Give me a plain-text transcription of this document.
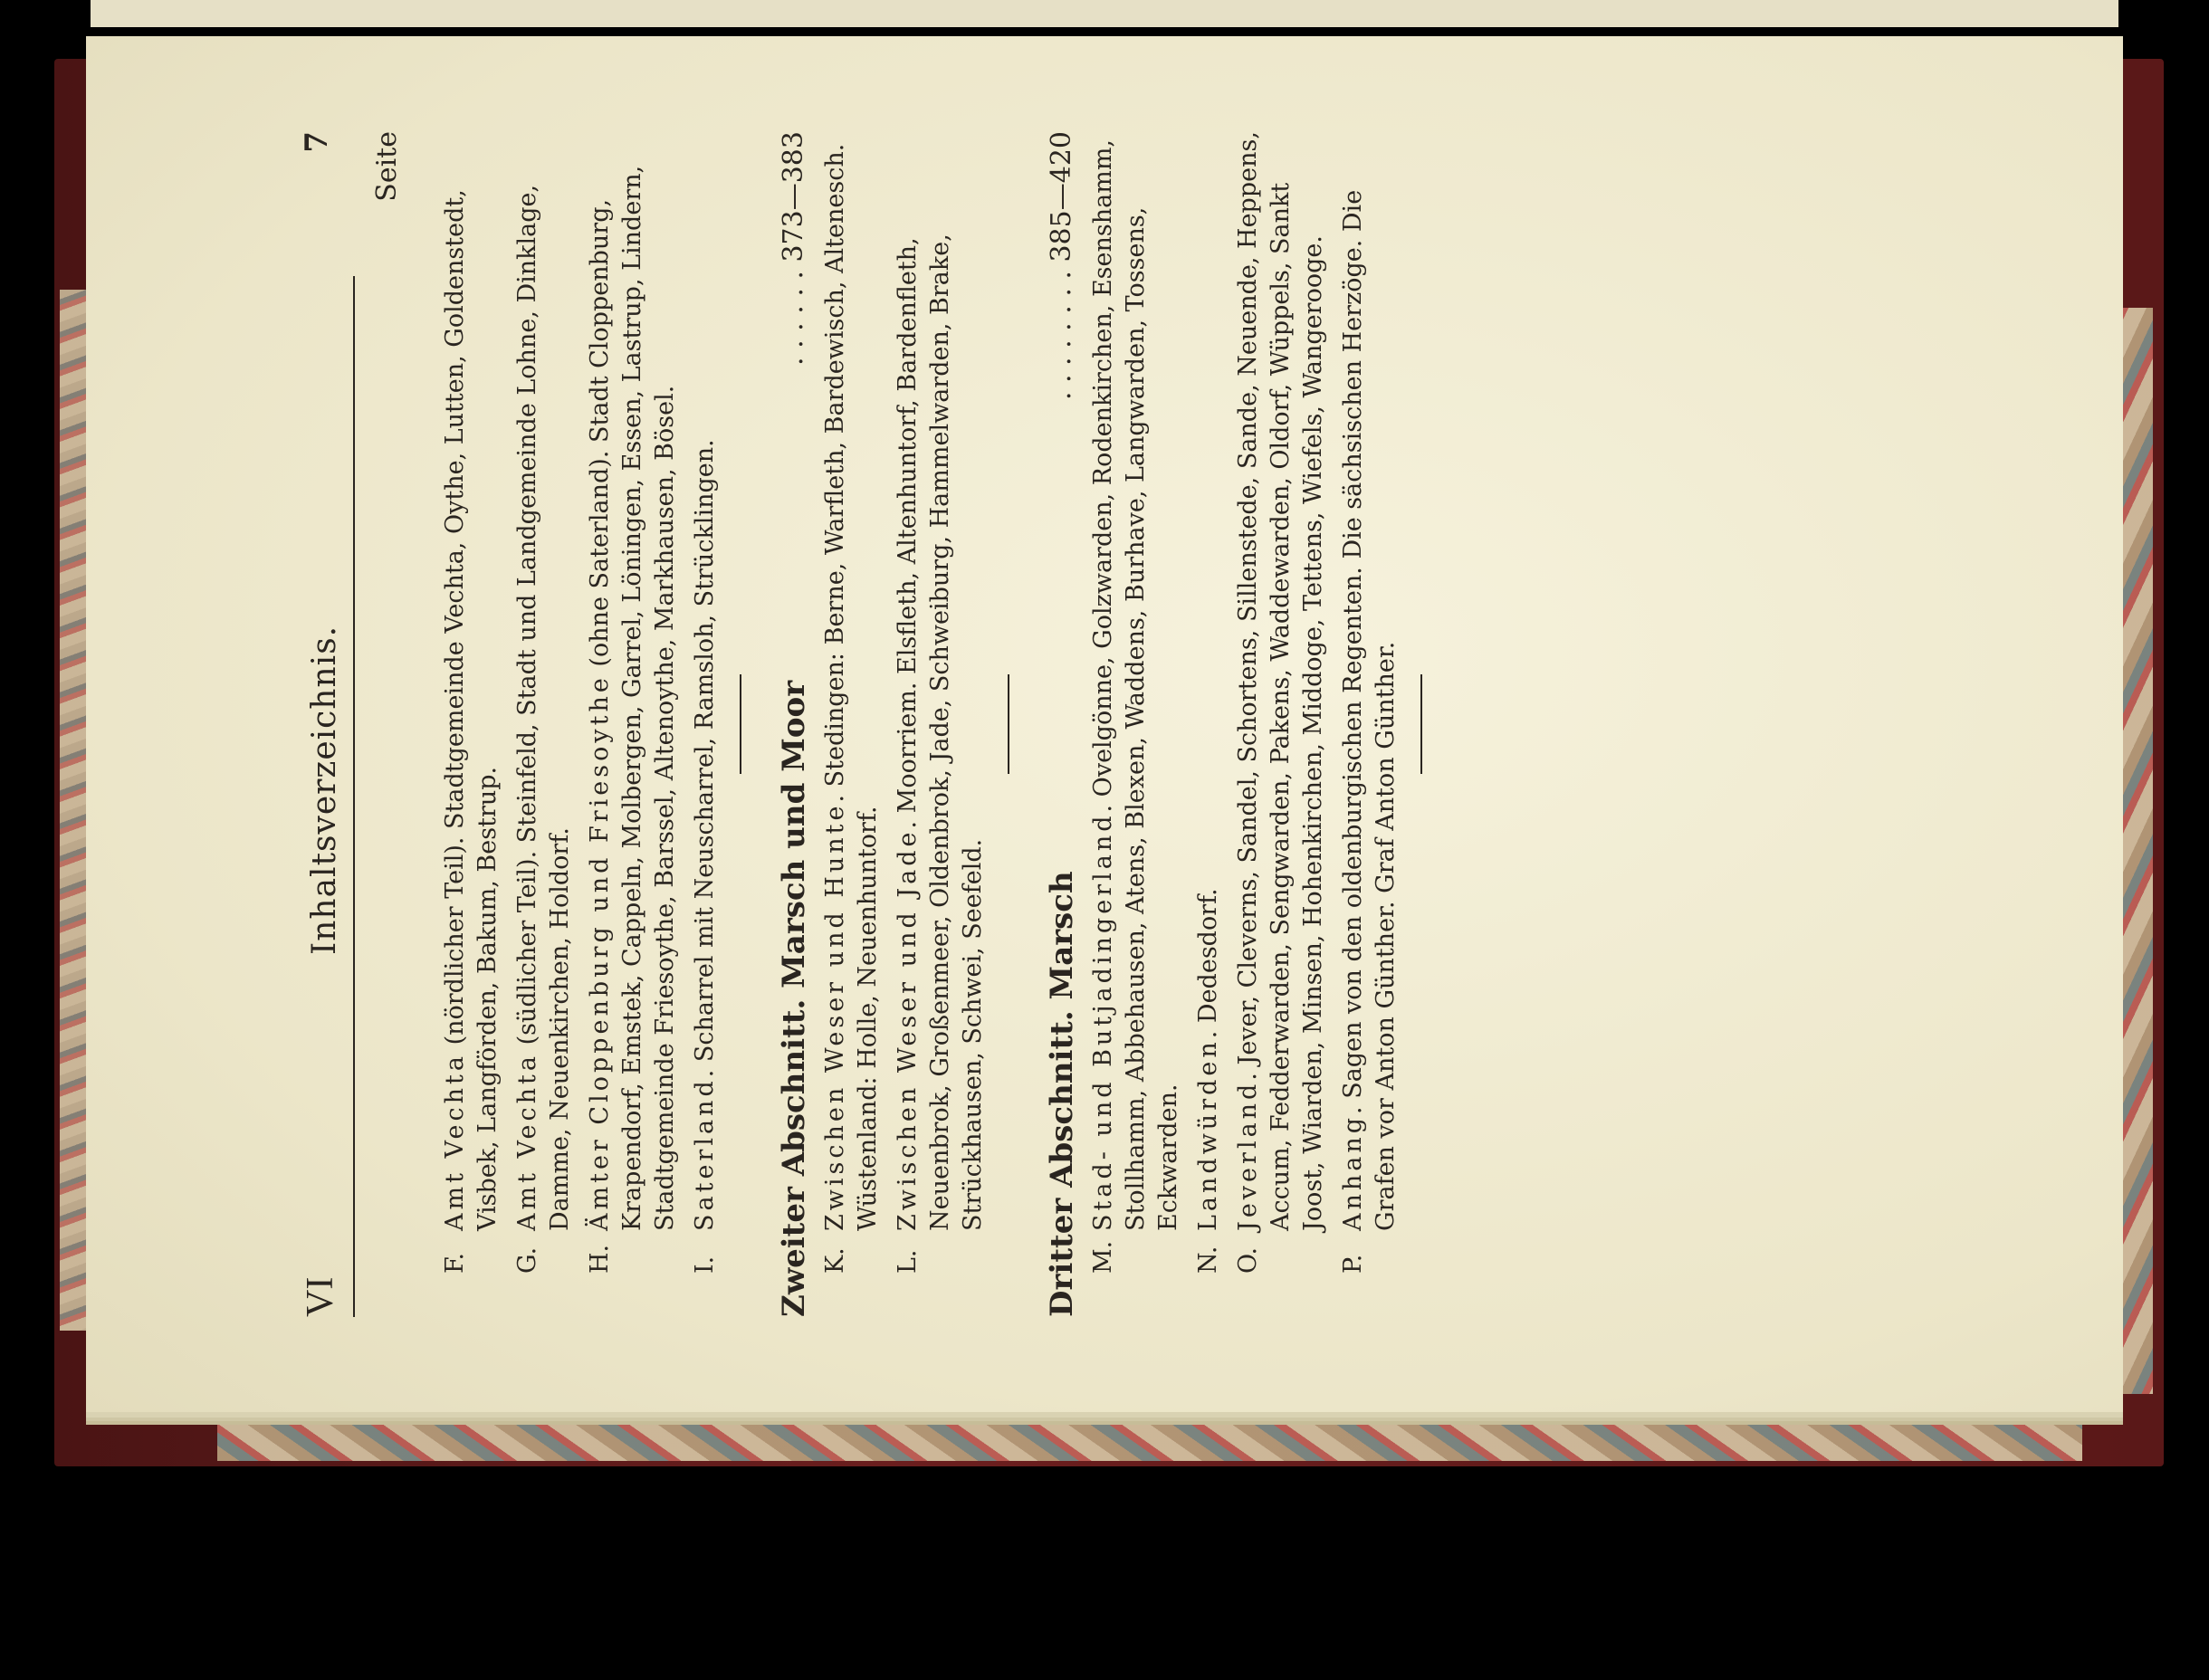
VI
Inhaltsverzeichnis.
7 Seite
F.
Amt Vechta (nördlicher Teil). Stadtgemeinde Vechta, Oythe, Lutten, Goldenstedt, Visbek, Langförden, Bakum, Bestrup.
G.
Amt Vechta (südlicher Teil). Steinfeld, Stadt und Landgemeinde Lohne, Dinklage, Damme, Neuenkirchen, Holdorf.
H.
Ämter Cloppenburg und Friesoythe (ohne Saterland). Stadt Cloppenburg, Krapendorf, Emstek, Cappeln, Molbergen, Garrel, Löningen, Essen, Lastrup, Lindern, Stadtgemeinde Friesoythe, Barssel, Altenoythe, Markhausen, Bösel.
I.
Saterland. Scharrel mit Neuscharrel, Ramsloh, Strücklingen.
Zweiter Abschnitt. Marsch und Moor
. . . . . . 373—383
K.
Zwischen Weser und Hunte. Stedingen: Berne, Warfleth, Bardewisch, Altenesch. Wüstenland: Holle, Neuenhuntorf.
L.
Zwischen Weser und Jade. Moorriem. Elsfleth, Altenhuntorf, Bardenfleth, Neuenbrok, Großenmeer, Oldenbrok, Jade, Schweiburg, Hammelwarden, Brake, Strückhausen, Schwei, Seefeld. Dritter Abschnitt. Marsch
. . . . . . . . 385—420
M.
Stad- und Butjadingerland. Ovelgönne, Golzwarden, Rodenkirchen, Esenshamm, Stollhamm, Abbehausen, Atens, Blexen, Waddens, Burhave, Langwarden, Tossens, Eckwarden.
N.
Landwürden. Dedesdorf.
O.
Jeverland. Jever, Cleverns, Sandel, Schortens, Sillenstede, Sande, Neuende, Heppens, Accum, Fedderwarden, Sengwarden, Pakens, Waddewarden, Oldorf, Wüppels, Sankt Joost, Wiarden, Minsen, Hohenkirchen, Middoge, Tettens, Wiefels, Wangerooge.
P.
Anhang. Sagen von den oldenburgischen Regenten. Die sächsischen Herzöge. Die Grafen vor Anton Günther. Graf Anton Günther.
